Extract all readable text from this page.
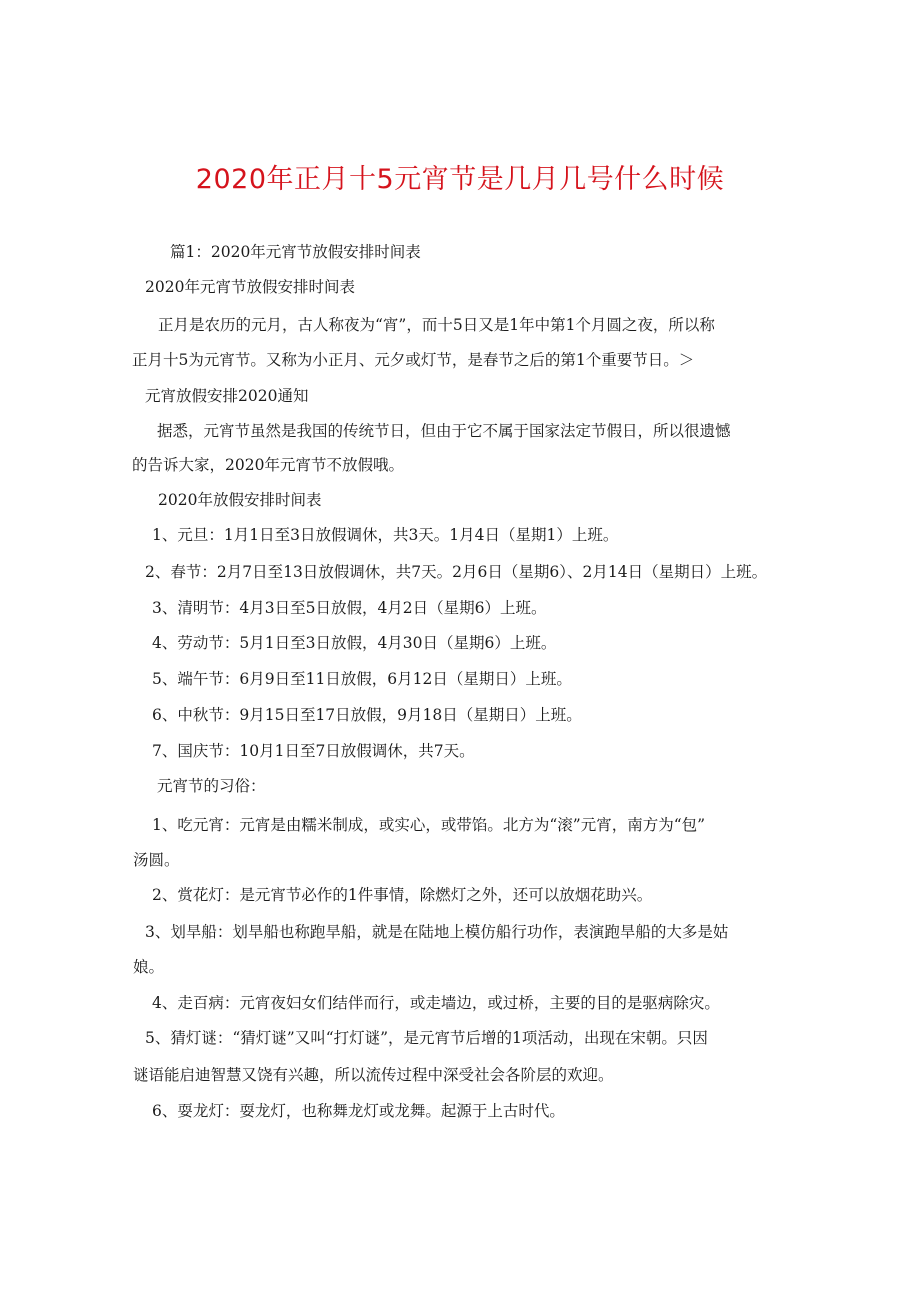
2020年正月十5元宵节是几月几号什么时候
篇1：2020年元宵节放假安排时间表
2020年元宵节放假安排时间表
正月是农历的元月，古人称夜为“宵”，而十5日又是1年中第1个月圆之夜，所以称
正月十5为元宵节。又称为小正月、元夕或灯节，是春节之后的第1个重要节日。＞
元宵放假安排2020通知
据悉，元宵节虽然是我国的传统节日，但由于它不属于国家法定节假日，所以很遗憾
的告诉大家，2020年元宵节不放假哦。
2020年放假安排时间表
1、元旦：1月1日至3日放假调休，共3天。1月4日（星期1）上班。
2、春节：2月7日至13日放假调休，共7天。2月6日（星期6）、2月14日（星期日）上班。
3、清明节：4月3日至5日放假，4月2日（星期6）上班。
4、劳动节：5月1日至3日放假，4月30日（星期6）上班。
5、端午节：6月9日至11日放假，6月12日（星期日）上班。
6、中秋节：9月15日至17日放假，9月18日（星期日）上班。
7、国庆节：10月1日至7日放假调休，共7天。
元宵节的习俗：
1、吃元宵：元宵是由糯米制成，或实心，或带馅。北方为“滚”元宵，南方为“包”
汤圆。
2、赏花灯：是元宵节必作的1件事情，除燃灯之外，还可以放烟花助兴。
3、划旱船：划旱船也称跑旱船，就是在陆地上模仿船行功作，表演跑旱船的大多是姑
娘。
4、走百病：元宵夜妇女们结伴而行，或走墙边，或过桥，主要的目的是驱病除灾。
5、猜灯谜：“猜灯谜”又叫“打灯谜”，是元宵节后增的1项活动，出现在宋朝。只因
谜语能启迪智慧又饶有兴趣，所以流传过程中深受社会各阶层的欢迎。
6、耍龙灯：耍龙灯，也称舞龙灯或龙舞。起源于上古时代。
